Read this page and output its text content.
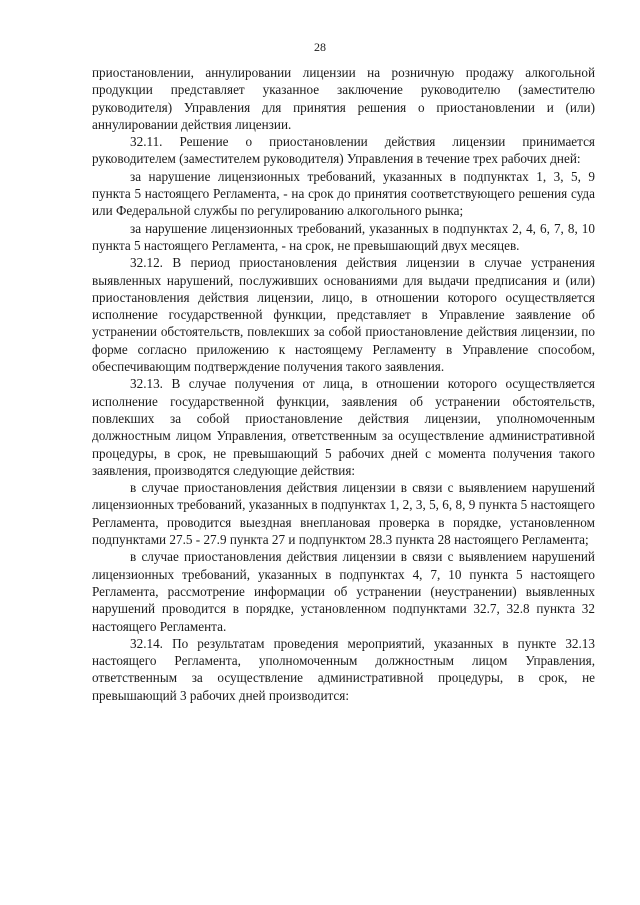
28

приостановлении, аннулировании лицензии на розничную продажу алкогольной продукции представляет указанное заключение руководителю (заместителю руководителя) Управления для принятия решения о приостановлении и (или) аннулировании действия лицензии.

32.11. Решение о приостановлении действия лицензии принимается руководителем (заместителем руководителя) Управления в течение трех рабочих дней:

за нарушение лицензионных требований, указанных в подпунктах 1, 3, 5, 9 пункта 5 настоящего Регламента, - на срок до принятия соответствующего решения суда или Федеральной службы по регулированию алкогольного рынка;

за нарушение лицензионных требований, указанных в подпунктах 2, 4, 6, 7, 8, 10 пункта 5 настоящего Регламента, - на срок, не превышающий двух месяцев.

32.12. В период приостановления действия лицензии в случае устранения выявленных нарушений, послуживших основаниями для выдачи предписания и (или) приостановления действия лицензии, лицо, в отношении которого осуществляется исполнение государственной функции, представляет в Управление заявление об устранении обстоятельств, повлекших за собой приостановление действия лицензии, по форме согласно приложению к настоящему Регламенту в Управление способом, обеспечивающим подтверждение получения такого заявления.

32.13. В случае получения от лица, в отношении которого осуществляется исполнение государственной функции, заявления об устранении обстоятельств, повлекших за собой приостановление действия лицензии, уполномоченным должностным лицом Управления, ответственным за осуществление административной процедуры, в срок, не превышающий 5 рабочих дней с момента получения такого заявления, производятся следующие действия:

в случае приостановления действия лицензии в связи с выявлением нарушений лицензионных требований, указанных в подпунктах 1, 2, 3, 5, 6, 8, 9 пункта 5 настоящего Регламента, проводится выездная внеплановая проверка в порядке, установленном подпунктами 27.5 - 27.9 пункта 27 и подпунктом 28.3 пункта 28 настоящего Регламента;

в случае приостановления действия лицензии в связи с выявлением нарушений лицензионных требований, указанных в подпунктах 4, 7, 10 пункта 5 настоящего Регламента, рассмотрение информации об устранении (неустранении) выявленных нарушений проводится в порядке, установленном подпунктами 32.7, 32.8 пункта 32 настоящего Регламента.

32.14. По результатам проведения мероприятий, указанных в пункте 32.13 настоящего Регламента, уполномоченным должностным лицом Управления, ответственным за осуществление административной процедуры, в срок, не превышающий 3 рабочих дней производится:
